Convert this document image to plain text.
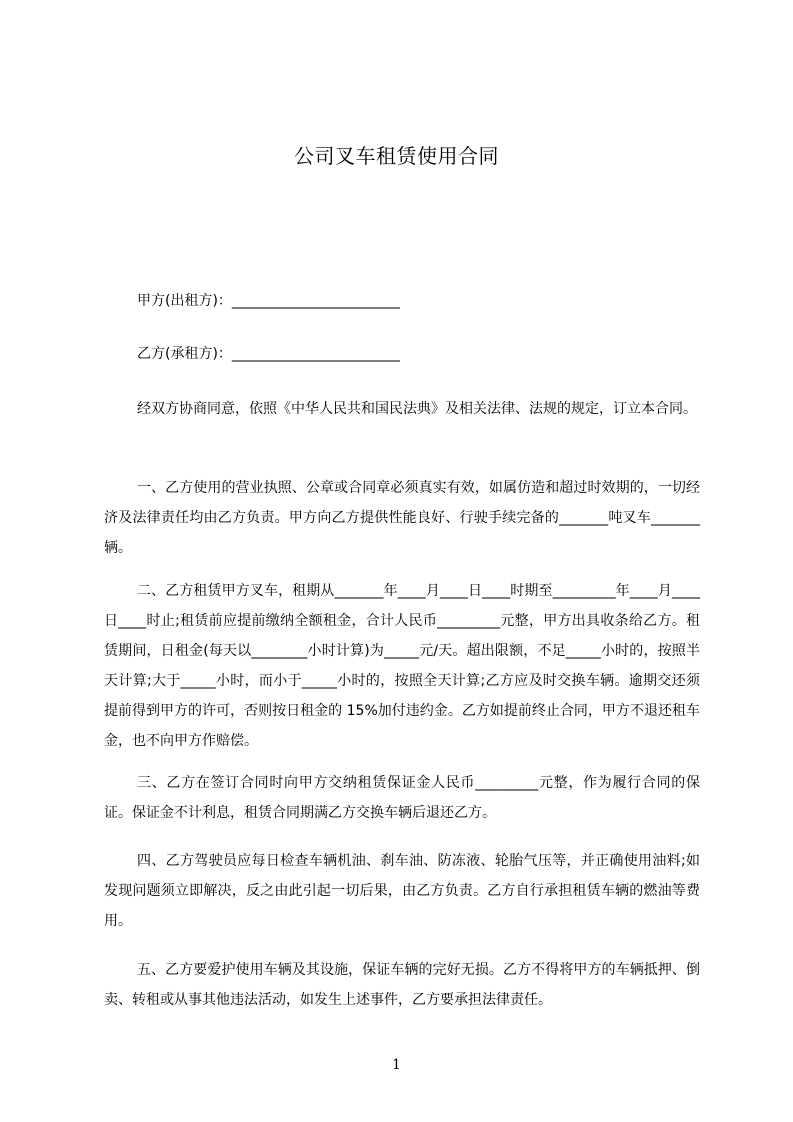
公司叉车租赁使用合同
甲方(出租方)：________________________
乙方(承租方)：________________________
经双方协商同意，依照《中华人民共和国民法典》及相关法律、法规的规定，订立本合同。
一、乙方使用的营业执照、公章或合同章必须真实有效，如属仿造和超过时效期的，一切经济及法律责任均由乙方负责。甲方向乙方提供性能良好、行驶手续完备的_______吨叉车_______辆。
二、乙方租赁甲方叉车，租期从_______年____月____日____时期至_________年____月____日____时止;租赁前应提前缴纳全额租金，合计人民币_________元整，甲方出具收条给乙方。租赁期间，日租金(每天以________小时计算)为_____元/天。超出限额，不足_____小时的，按照半天计算;大于_____小时，而小于_____小时的，按照全天计算;乙方应及时交换车辆。逾期交还须提前得到甲方的许可，否则按日租金的 15%加付违约金。乙方如提前终止合同，甲方不退还租车金，也不向甲方作赔偿。
三、乙方在签订合同时向甲方交纳租赁保证金人民币_________元整，作为履行合同的保证。保证金不计利息，租赁合同期满乙方交换车辆后退还乙方。
四、乙方驾驶员应每日检查车辆机油、刹车油、防冻液、轮胎气压等，并正确使用油料;如发现问题须立即解决，反之由此引起一切后果，由乙方负责。乙方自行承担租赁车辆的燃油等费用。
五、乙方要爱护使用车辆及其设施，保证车辆的完好无损。乙方不得将甲方的车辆抵押、倒卖、转租或从事其他违法活动，如发生上述事件，乙方要承担法律责任。
1
